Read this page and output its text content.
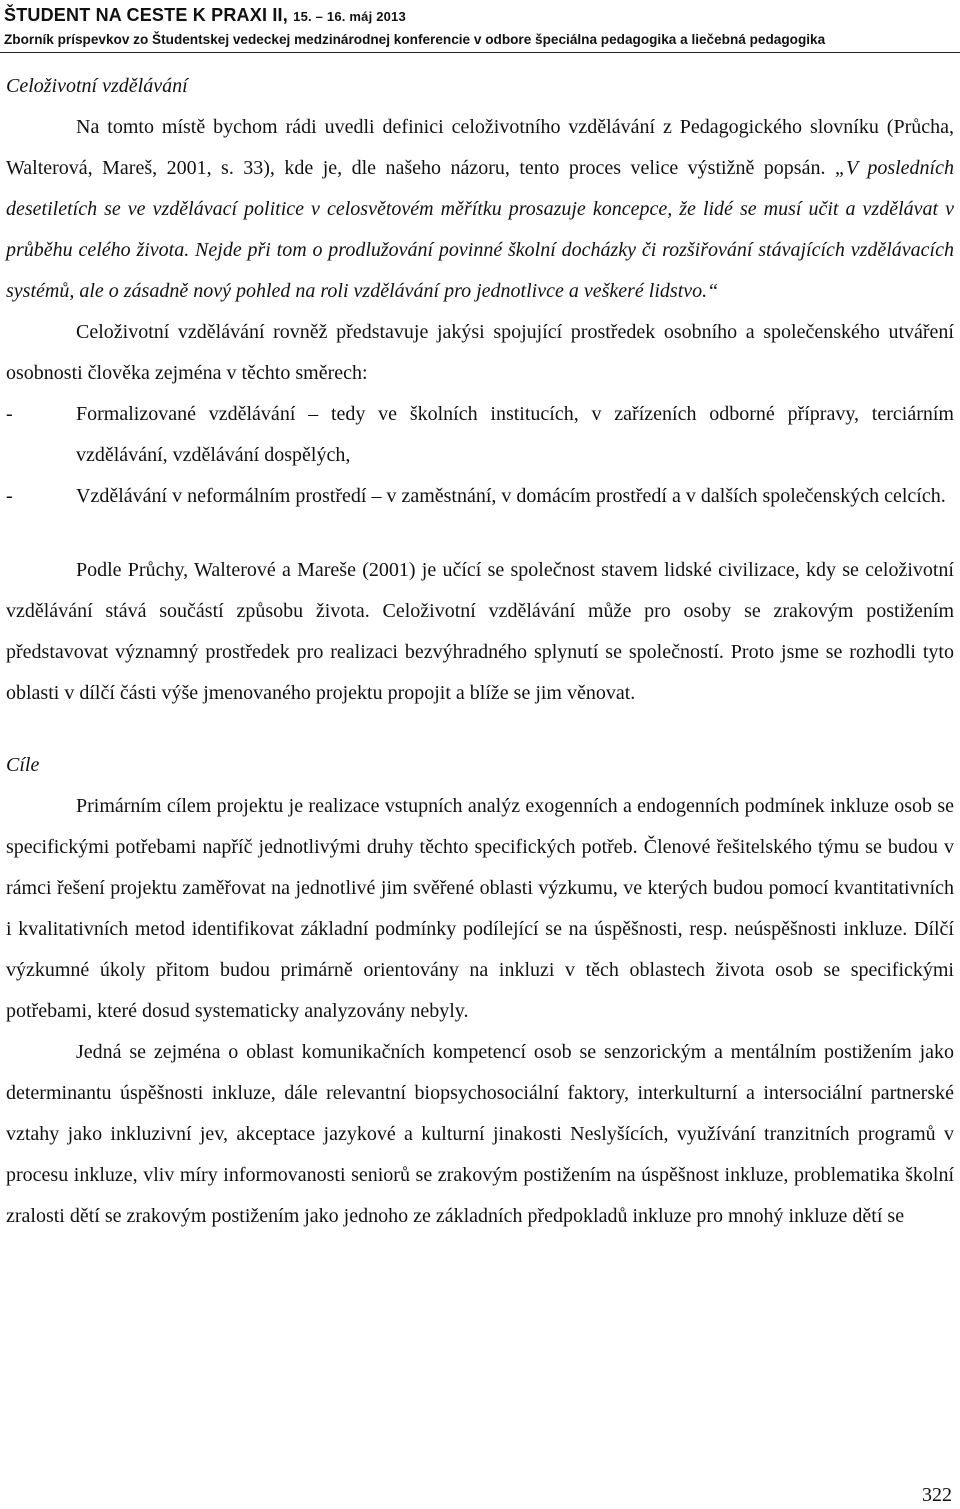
ŠTUDENT NA CESTE K PRAXI II, 15. – 16. máj 2013
Zborník príspevkov zo Študentskej vedeckej medzinárodnej konferencie v odbore špeciálna pedagogika a liečebná pedagogika

Celoživotní vzdělávání

Na tomto místě bychom rádi uvedli definici celoživotního vzdělávání z Pedagogického slovníku (Průcha, Walterová, Mareš, 2001, s. 33), kde je, dle našeho názoru, tento proces velice výstižně popsán. „V posledních desetiletích se ve vzdělávací politice v celosvětovém měřítku prosazuje koncepce, že lidé se musí učit a vzdělávat v průběhu celého života. Nejde při tom o prodlužování povinné školní docházky či rozšiřování stávajících vzdělávacích systémů, ale o zásadně nový pohled na roli vzdělávání pro jednotlivce a veškeré lidstvo.“

Celoživotní vzdělávání rovněž představuje jakýsi spojující prostředek osobního a společenského utváření osobnosti člověka zejména v těchto směrech:

-	Formalizované vzdělávání – tedy ve školních institucích, v zařízeních odborné přípravy, terciárním vzdělávání, vzdělávání dospělých,
-	Vzdělávání v neformálním prostředí – v zaměstnání, v domácím prostředí a v dalších společenských celcích.

Podle Průchy, Walterové a Mareše (2001) je učící se společnost stavem lidské civilizace, kdy se celoživotní vzdělávání stává součástí způsobu života. Celoživotní vzdělávání může pro osoby se zrakovým postižením představovat významný prostředek pro realizaci bezvýhradného splynutí se společností. Proto jsme se rozhodli tyto oblasti v dílčí části výše jmenovaného projektu propojit a blíže se jim věnovat.

Cíle

Primárním cílem projektu je realizace vstupních analýz exogenních a endogenních podmínek inkluze osob se specifickými potřebami napříč jednotlivými druhy těchto specifických potřeb. Členové řešitelského týmu se budou v rámci řešení projektu zaměřovat na jednotlivé jim svěřené oblasti výzkumu, ve kterých budou pomocí kvantitativních i kvalitativních metod identifikovat základní podmínky podílející se na úspěšnosti, resp. neúspěšnosti inkluze. Dílčí výzkumné úkoly přitom budou primárně orientovány na inkluzi v těch oblastech života osob se specifickými potřebami, které dosud systematicky analyzovány nebyly.

Jedná se zejména o oblast komunikačních kompetencí osob se senzorickým a mentálním postižením jako determinantu úspěšnosti inkluze, dále relevantní biopsychosociální faktory, interkulturní a intersociální partnerské vztahy jako inkluzivní jev, akceptace jazykové a kulturní jinakosti Neslyšících, využívání tranzitních programů v procesu inkluze, vliv míry informovanosti seniorů se zrakovým postižením na úspěšnost inkluze, problematika školní zralosti dětí se zrakovým postižením jako jednoho ze základních předpokladů inkluze pro mnohý inkluze dětí se

322
